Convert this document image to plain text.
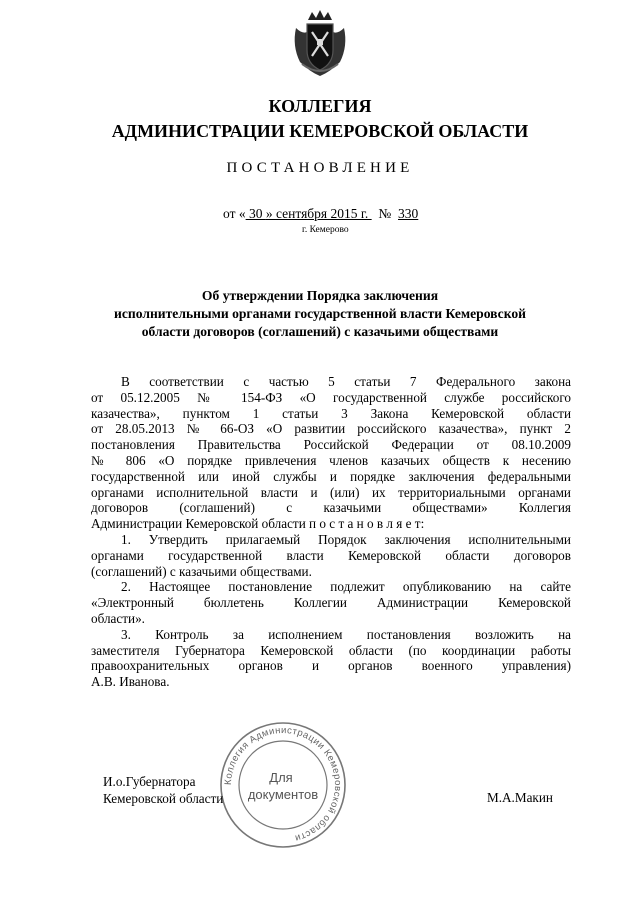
КОЛЛЕГИЯ
АДМИНИСТРАЦИИ КЕМЕРОВСКОЙ ОБЛАСТИ
ПОСТАНОВЛЕНИЕ
от « 30 » сентября 2015 г.   №  330
г. Кемерово
Об утверждении Порядка заключения
исполнительными органами государственной власти Кемеровской
области договоров (соглашений) с казачьими обществами
В соответствии с частью 5 статьи 7 Федерального закона
от 05.12.2005 № 154-ФЗ «О государственной службе российского
казачества», пунктом 1 статьи 3 Закона Кемеровской области
от 28.05.2013 № 66-ОЗ «О развитии российского казачества», пункт 2
постановления Правительства Российской Федерации от 08.10.2009
№ 806 «О порядке привлечения членов казачьих обществ к несению
государственной или иной службы и порядке заключения федеральными
органами исполнительной власти и (или) их территориальными органами
договоров (соглашений) с казачьими обществами» Коллегия
Администрации Кемеровской области п о с т а н о в л я е т:
1. Утвердить прилагаемый Порядок заключения исполнительными
органами государственной власти Кемеровской области договоров
(соглашений) с казачьими обществами.
2. Настоящее постановление подлежит опубликованию на сайте
«Электронный бюллетень Коллегии Администрации Кемеровской
области».
3. Контроль за исполнением постановления возложить на
заместителя Губернатора Кемеровской области (по координации работы
правоохранительных органов и органов военного управления)
А.В. Иванова.
Коллегия Администрации Кемеровской области
Для
документов
И.о.Губернатора
Кемеровской области	М.А.Макин
